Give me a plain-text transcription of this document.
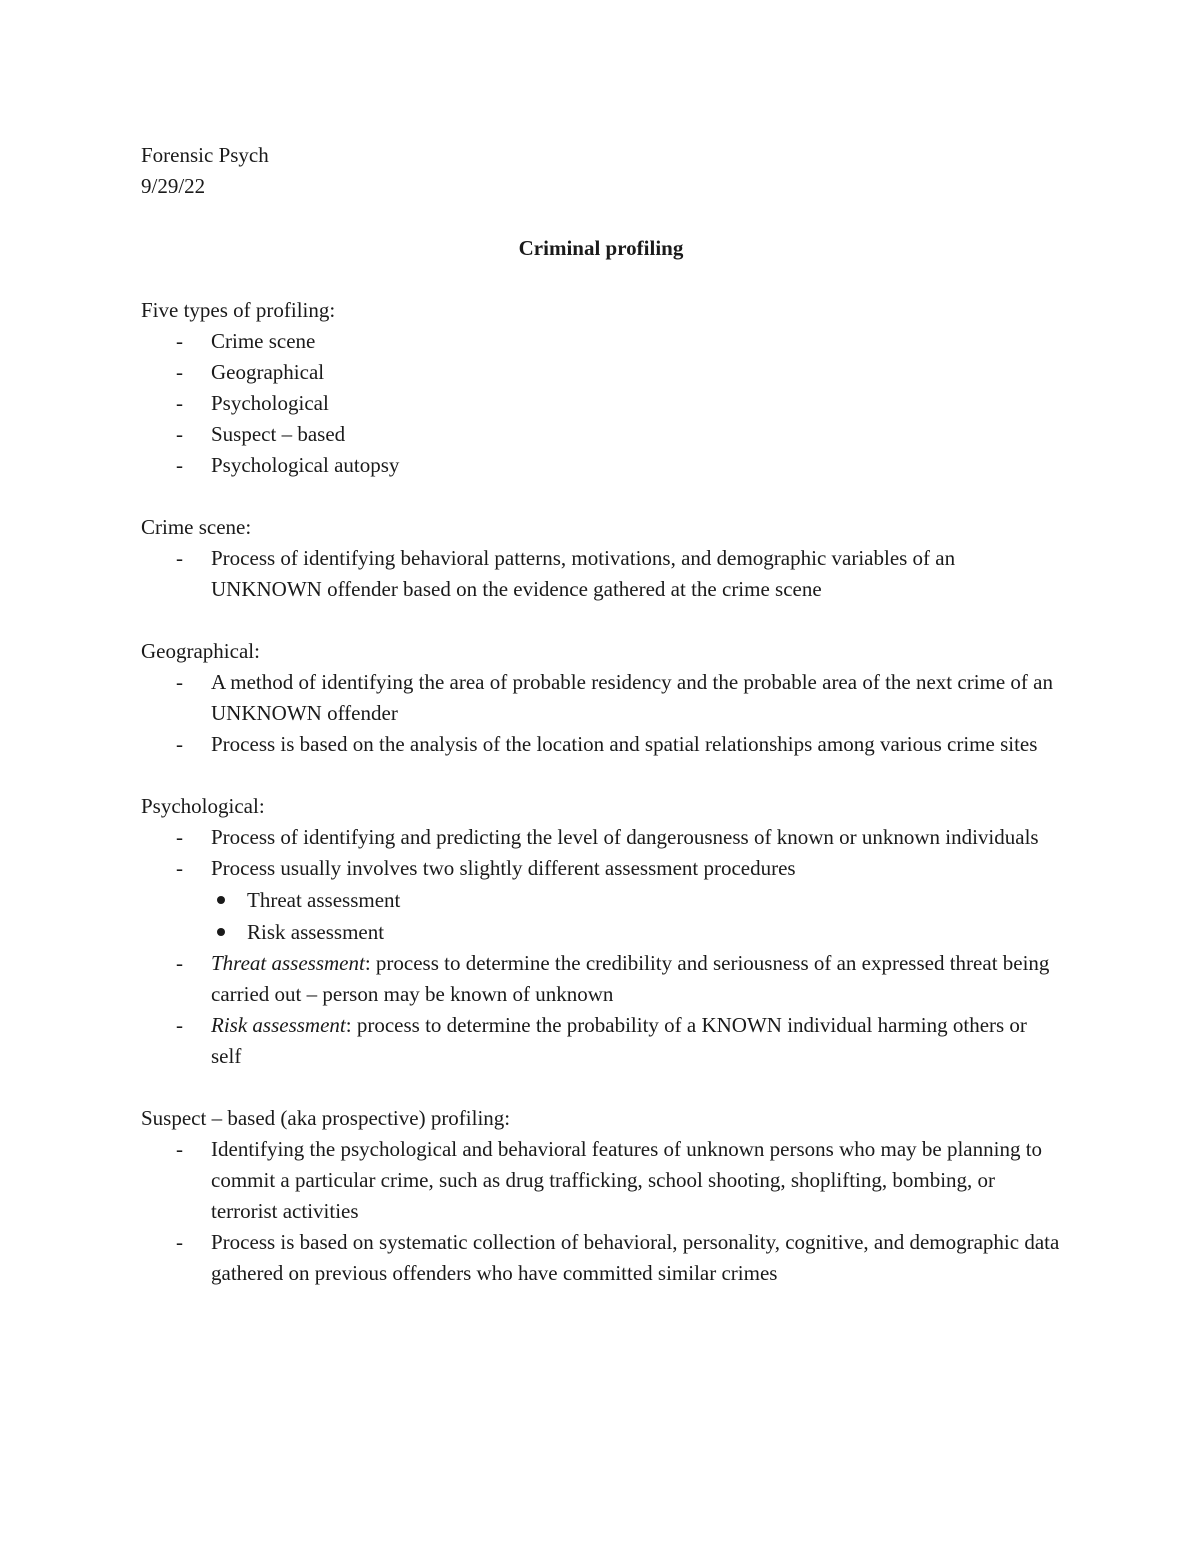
Forensic Psych
9/29/22
Criminal profiling
Five types of profiling:
- Crime scene
- Geographical
- Psychological
- Suspect – based
- Psychological autopsy
Crime scene:
- Process of identifying behavioral patterns, motivations, and demographic variables of an UNKNOWN offender based on the evidence gathered at the crime scene
Geographical:
- A method of identifying the area of probable residency and the probable area of the next crime of an UNKNOWN offender
- Process is based on the analysis of the location and spatial relationships among various crime sites
Psychological:
- Process of identifying and predicting the level of dangerousness of known or unknown individuals
- Process usually involves two slightly different assessment procedures
Threat assessment
Risk assessment
- Threat assessment: process to determine the credibility and seriousness of an expressed threat being carried out – person may be known of unknown
- Risk assessment: process to determine the probability of a KNOWN individual harming others or self
Suspect – based (aka prospective) profiling:
- Identifying the psychological and behavioral features of unknown persons who may be planning to commit a particular crime, such as drug trafficking, school shooting, shoplifting, bombing, or terrorist activities
- Process is based on systematic collection of behavioral, personality, cognitive, and demographic data gathered on previous offenders who have committed similar crimes
